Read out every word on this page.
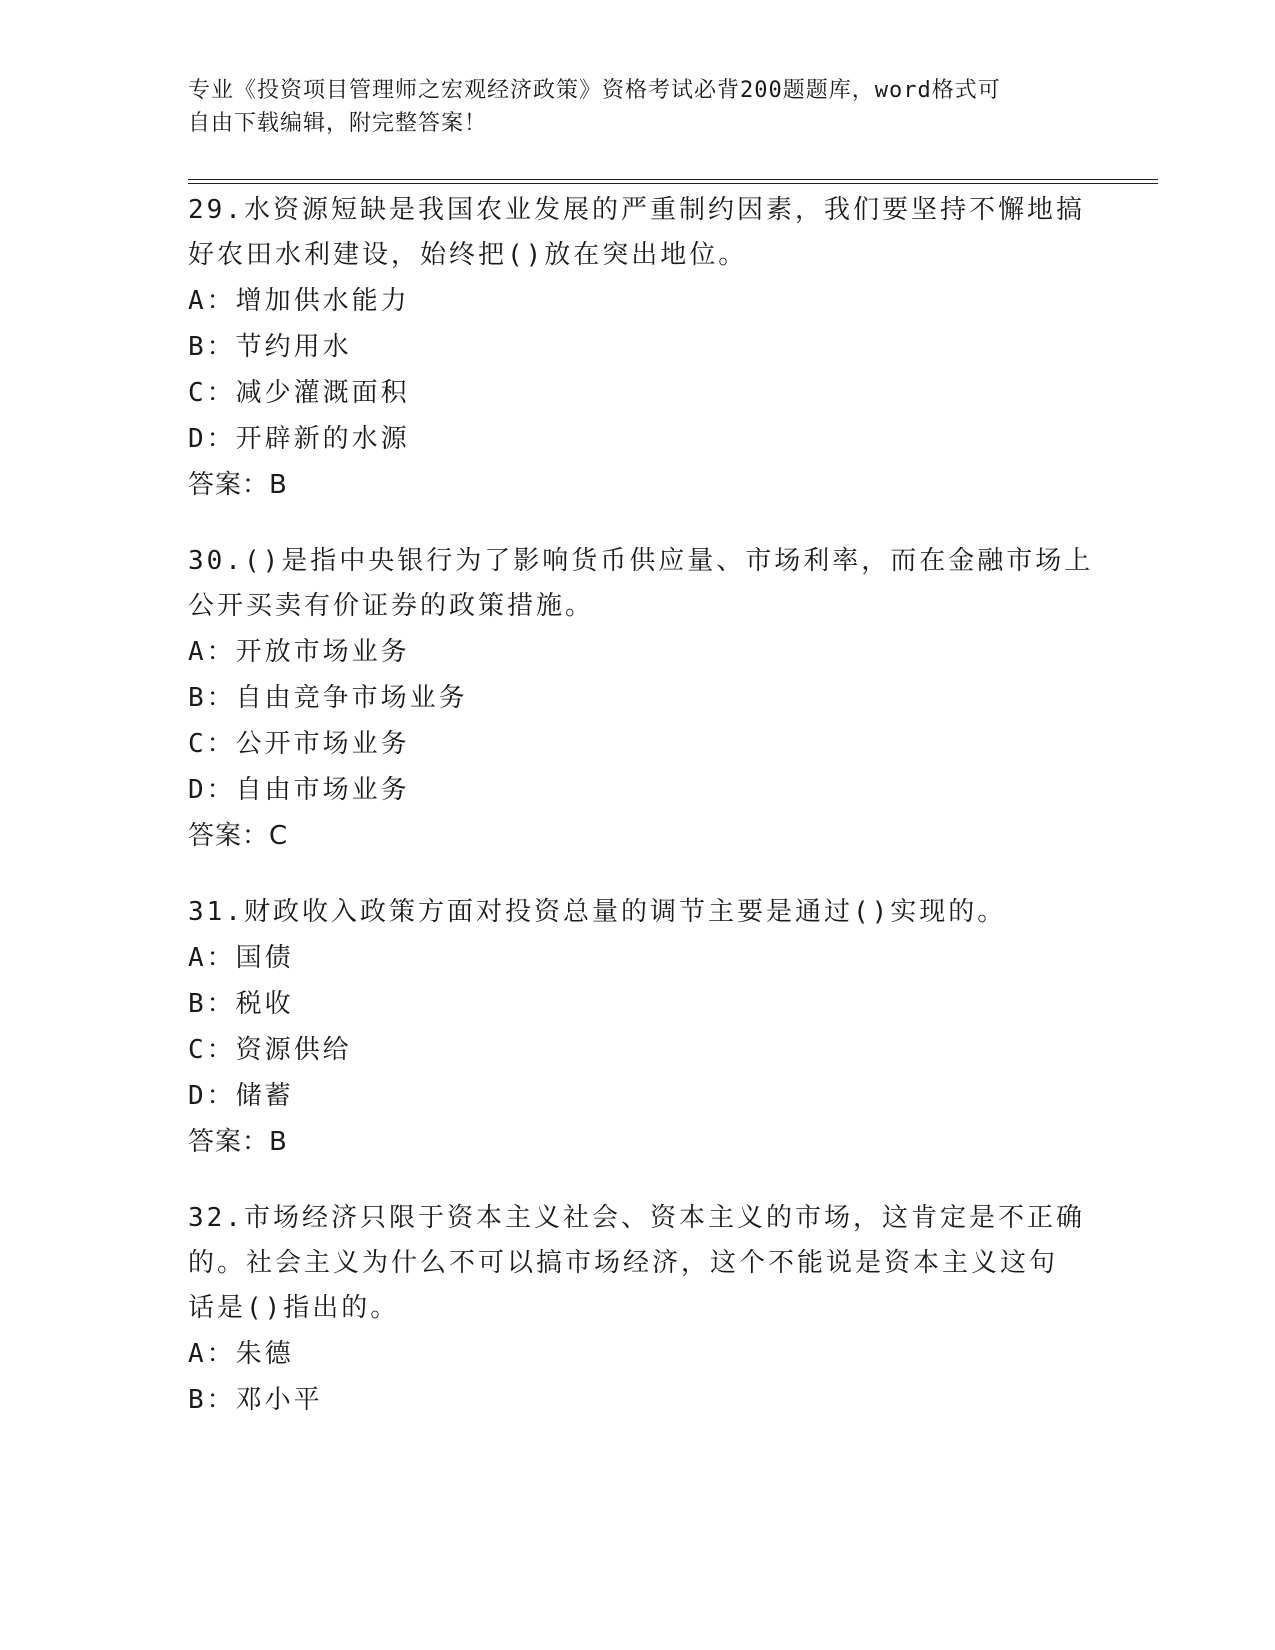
专业《投资项目管理师之宏观经济政策》资格考试必背200题题库，word格式可
自由下载编辑，附完整答案！
29.水资源短缺是我国农业发展的严重制约因素，我们要坚持不懈地搞
好农田水利建设，始终把()放在突出地位。
A：增加供水能力
B：节约用水
C：减少灌溉面积
D：开辟新的水源
答案：B
30.()是指中央银行为了影响货币供应量、市场利率，而在金融市场上
公开买卖有价证券的政策措施。
A：开放市场业务
B：自由竞争市场业务
C：公开市场业务
D：自由市场业务
答案：C
31.财政收入政策方面对投资总量的调节主要是通过()实现的。
A：国债
B：税收
C：资源供给
D：储蓄
答案：B
32.市场经济只限于资本主义社会、资本主义的市场，这肯定是不正确
的。社会主义为什么不可以搞市场经济，这个不能说是资本主义这句
话是()指出的。
A：朱德
B：邓小平
